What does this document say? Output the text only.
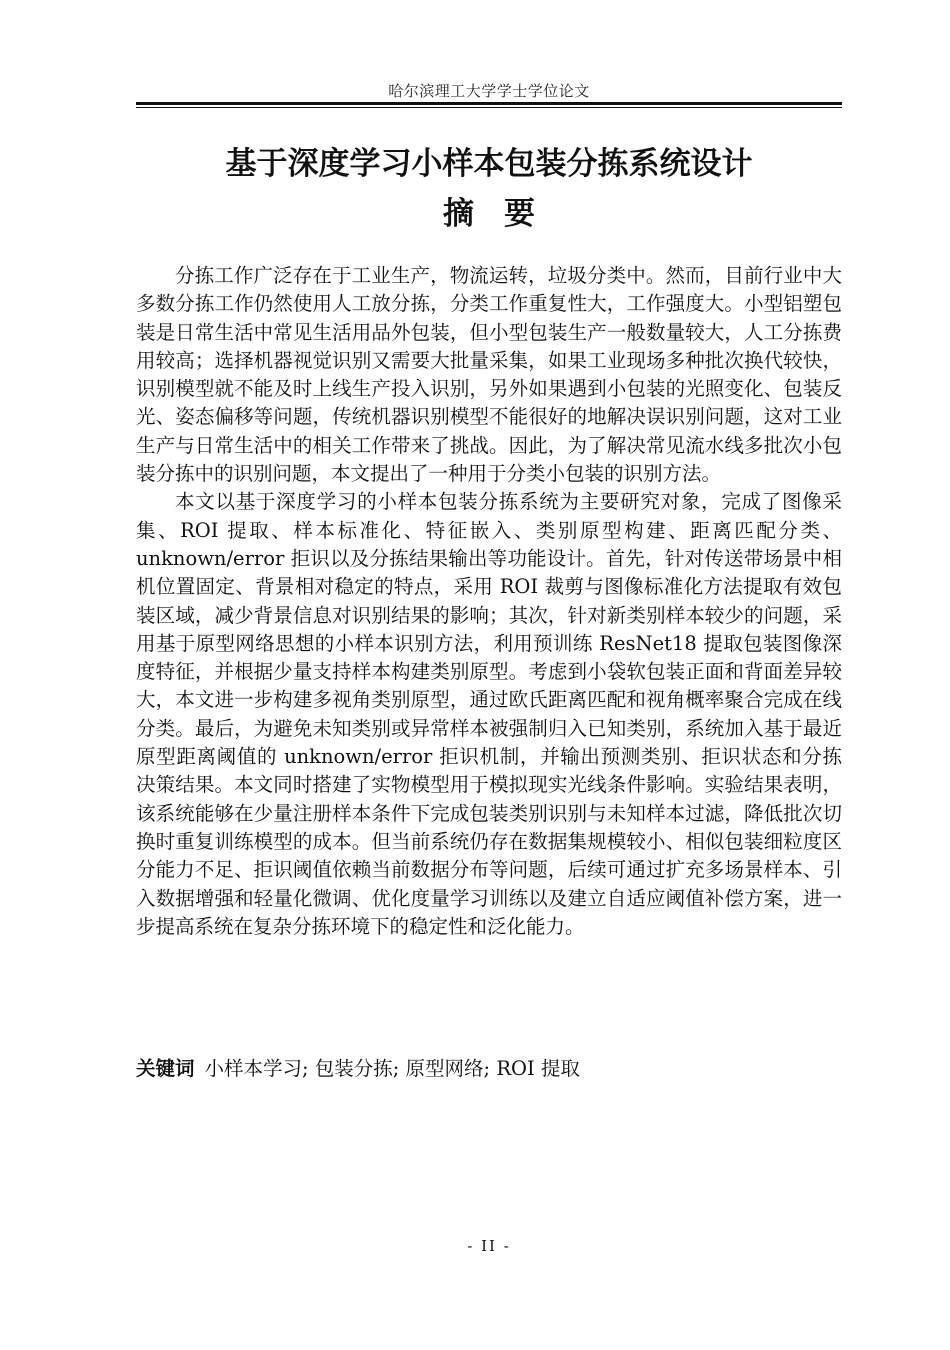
哈尔滨理工大学学士学位论文
基于深度学习小样本包装分拣系统设计
摘要

分拣工作广泛存在于工业生产，物流运转，垃圾分类中。然而，目前行业中大多数分拣工作仍然使用人工放分拣，分类工作重复性大，工作强度大。小型铝塑包装是日常生活中常见生活用品外包装，但小型包装生产一般数量较大，人工分拣费用较高；选择机器视觉识别又需要大批量采集，如果工业现场多种批次换代较快，识别模型就不能及时上线生产投入识别，另外如果遇到小包装的光照变化、包装反光、姿态偏移等问题，传统机器识别模型不能很好的地解决误识别问题，这对工业生产与日常生活中的相关工作带来了挑战。因此，为了解决常见流水线多批次小包装分拣中的识别问题，本文提出了一种用于分类小包装的识别方法。

本文以基于深度学习的小样本包装分拣系统为主要研究对象，完成了图像采集、ROI 提取、样本标准化、特征嵌入、类别原型构建、距离匹配分类、unknown/error 拒识以及分拣结果输出等功能设计。首先，针对传送带场景中相机位置固定、背景相对稳定的特点，采用 ROI 裁剪与图像标准化方法提取有效包装区域，减少背景信息对识别结果的影响；其次，针对新类别样本较少的问题，采用基于原型网络思想的小样本识别方法，利用预训练 ResNet18 提取包装图像深度特征，并根据少量支持样本构建类别原型。考虑到小袋软包装正面和背面差异较大，本文进一步构建多视角类别原型，通过欧氏距离匹配和视角概率聚合完成在线分类。最后，为避免未知类别或异常样本被强制归入已知类别，系统加入基于最近原型距离阈值的 unknown/error 拒识机制，并输出预测类别、拒识状态和分拣决策结果。本文同时搭建了实物模型用于模拟现实光线条件影响。实验结果表明，该系统能够在少量注册样本条件下完成包装类别识别与未知样本过滤，降低批次切换时重复训练模型的成本。但当前系统仍存在数据集规模较小、相似包装细粒度区分能力不足、拒识阈值依赖当前数据分布等问题，后续可通过扩充多场景样本、引入数据增强和轻量化微调、优化度量学习训练以及建立自适应阈值补偿方案，进一步提高系统在复杂分拣环境下的稳定性和泛化能力。

关键词 小样本学习; 包装分拣; 原型网络; ROI 提取
- II -
